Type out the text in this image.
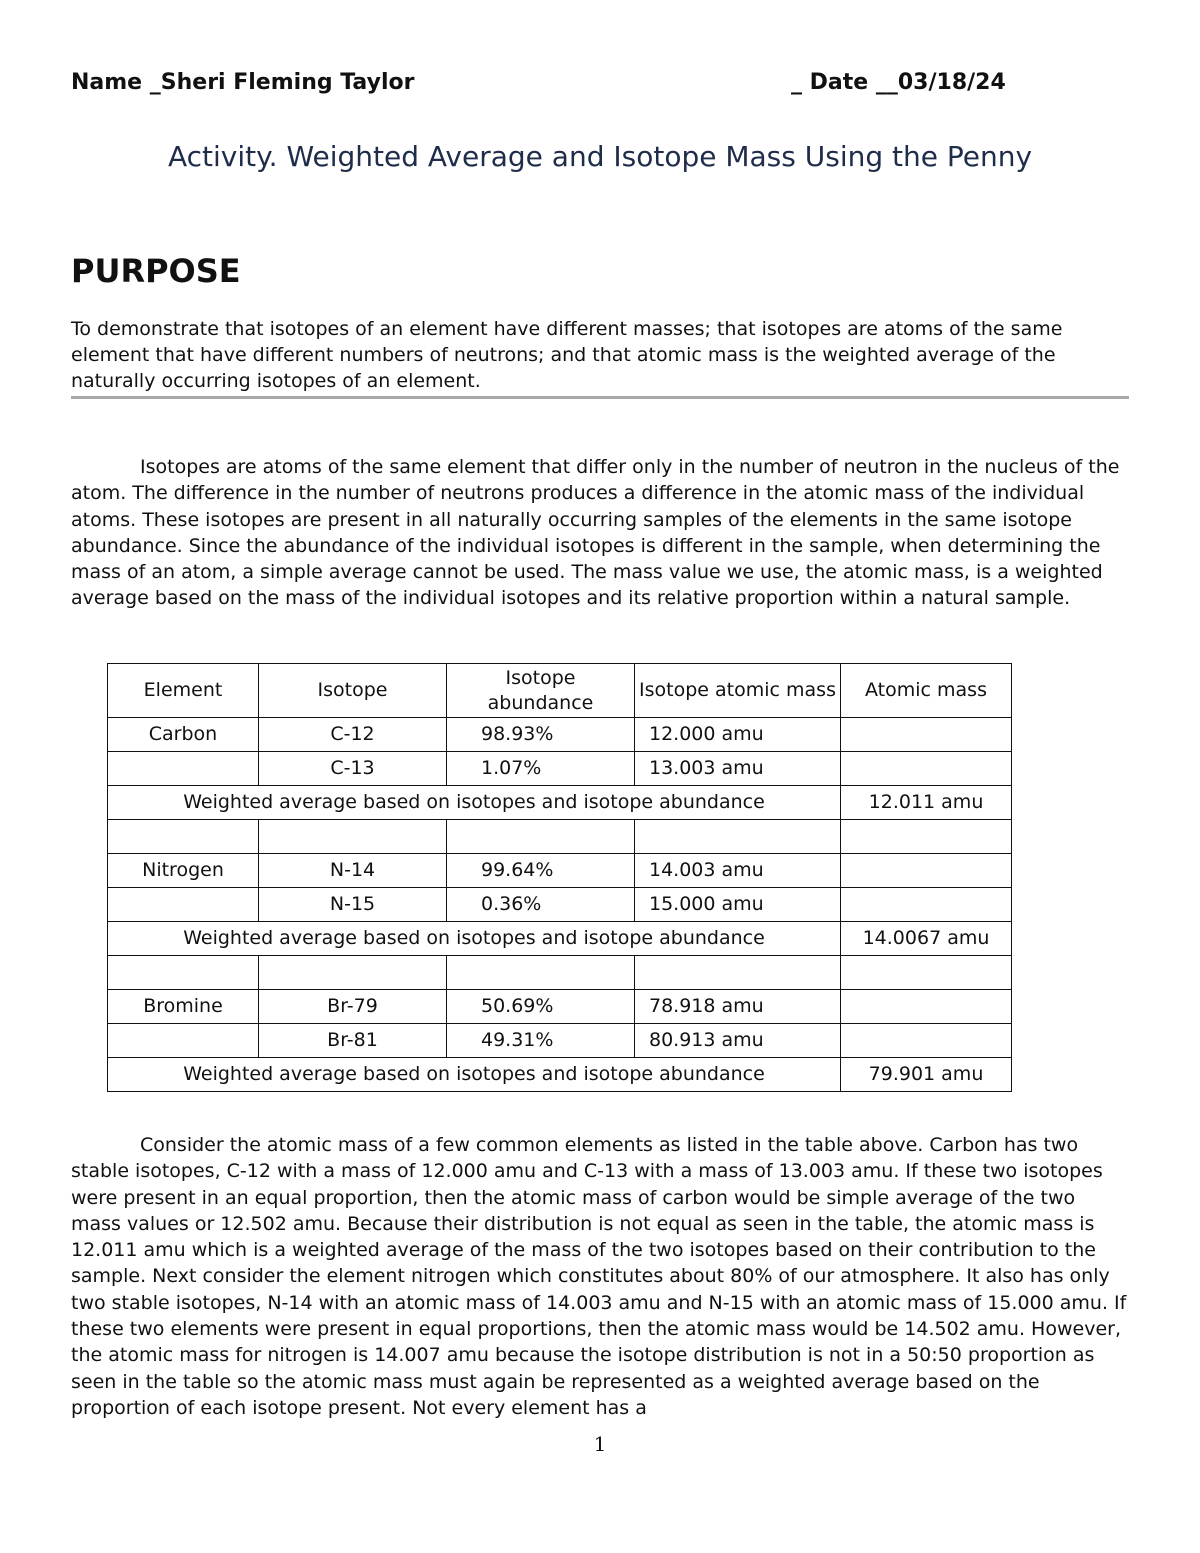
Name _Sheri Fleming Taylor	_ Date __03/18/24
Activity. Weighted Average and Isotope Mass Using the Penny
PURPOSE
To demonstrate that isotopes of an element have different masses; that isotopes are atoms of the same element that have different numbers of neutrons; and that atomic mass is the weighted average of the naturally occurring isotopes of an element.
Isotopes are atoms of the same element that differ only in the number of neutron in the nucleus of the atom. The difference in the number of neutrons produces a difference in the atomic mass of the individual atoms. These isotopes are present in all naturally occurring samples of the elements in the same isotope abundance. Since the abundance of the individual isotopes is different in the sample, when determining the mass of an atom, a simple average cannot be used. The mass value we use, the atomic mass, is a weighted average based on the mass of the individual isotopes and its relative proportion within a natural sample.
Element	Isotope	Isotope abundance	Isotope atomic mass	Atomic mass
Carbon	C-12	98.93%	12.000 amu	
	C-13	1.07%	13.003 amu	
Weighted average based on isotopes and isotope abundance				12.011 amu

Nitrogen	N-14	99.64%	14.003 amu	
	N-15	0.36%	15.000 amu	
Weighted average based on isotopes and isotope abundance				14.0067 amu

Bromine	Br-79	50.69%	78.918 amu	
	Br-81	49.31%	80.913 amu	
Weighted average based on isotopes and isotope abundance				79.901 amu
Consider the atomic mass of a few common elements as listed in the table above. Carbon has two stable isotopes, C-12 with a mass of 12.000 amu and C-13 with a mass of 13.003 amu. If these two isotopes were present in an equal proportion, then the atomic mass of carbon would be simple average of the two mass values or 12.502 amu. Because their distribution is not equal as seen in the table, the atomic mass is 12.011 amu which is a weighted average of the mass of the two isotopes based on their contribution to the sample. Next consider the element nitrogen which constitutes about 80% of our atmosphere. It also has only two stable isotopes, N-14 with an atomic mass of 14.003 amu and N-15 with an atomic mass of 15.000 amu. If these two elements were present in equal proportions, then the atomic mass would be 14.502 amu. However, the atomic mass for nitrogen is 14.007 amu because the isotope distribution is not in a 50:50 proportion as seen in the table so the atomic mass must again be represented as a weighted average based on the proportion of each isotope present. Not every element has a
1
